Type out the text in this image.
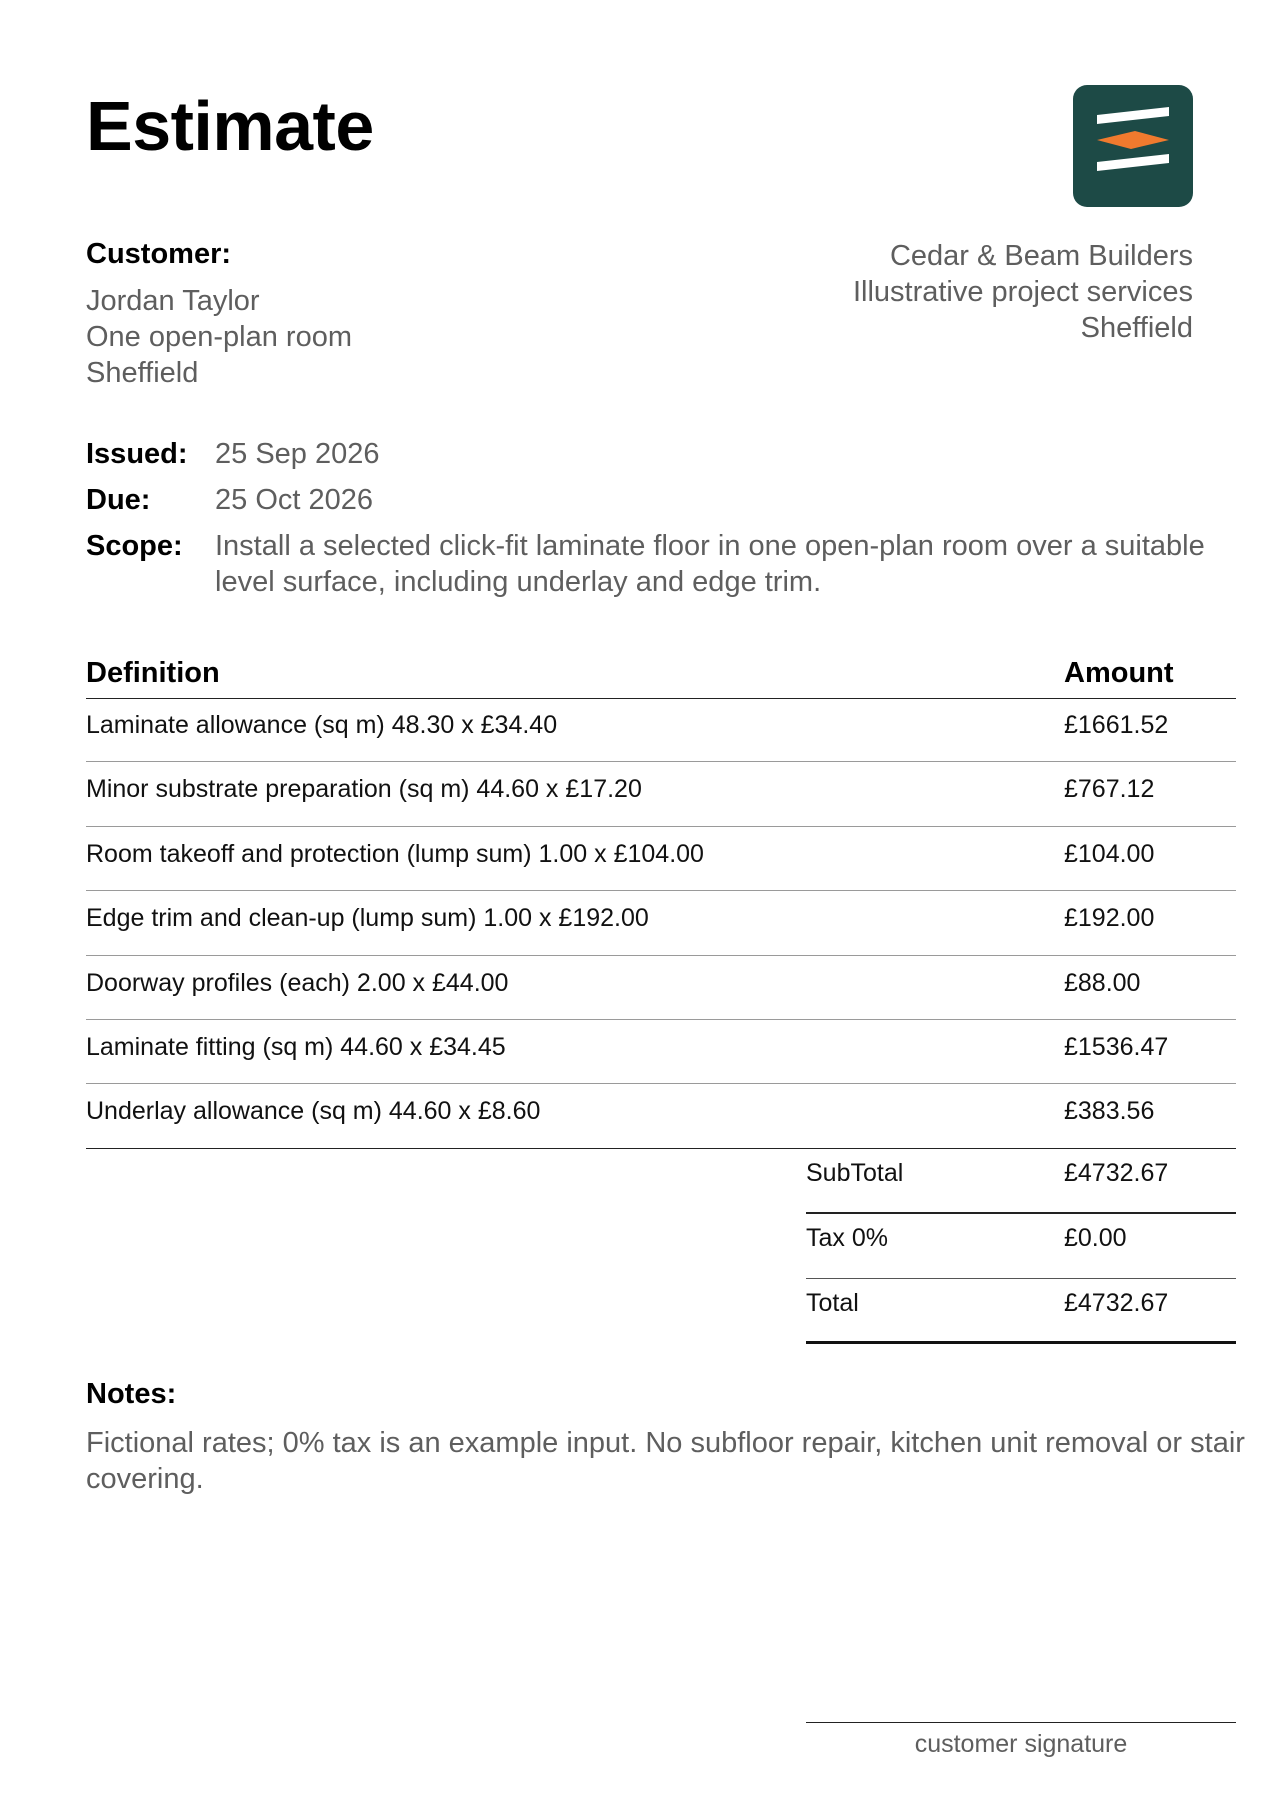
Estimate
Customer:
Jordan Taylor
One open-plan room
Sheffield
Cedar & Beam Builders
Illustrative project services
Sheffield
Issued: 25 Sep 2026
Due: 25 Oct 2026
Scope: Install a selected click-fit laminate floor in one open-plan room over a suitable level surface, including underlay and edge trim.
Definition	Amount
Laminate allowance (sq m) 48.30 x £34.40	£1661.52
Minor substrate preparation (sq m) 44.60 x £17.20	£767.12
Room takeoff and protection (lump sum) 1.00 x £104.00	£104.00
Edge trim and clean-up (lump sum) 1.00 x £192.00	£192.00
Doorway profiles (each) 2.00 x £44.00	£88.00
Laminate fitting (sq m) 44.60 x £34.45	£1536.47
Underlay allowance (sq m) 44.60 x £8.60	£383.56
SubTotal	£4732.67
Tax 0%	£0.00
Total	£4732.67
Notes:
Fictional rates; 0% tax is an example input. No subfloor repair, kitchen unit removal or stair covering.
customer signature
